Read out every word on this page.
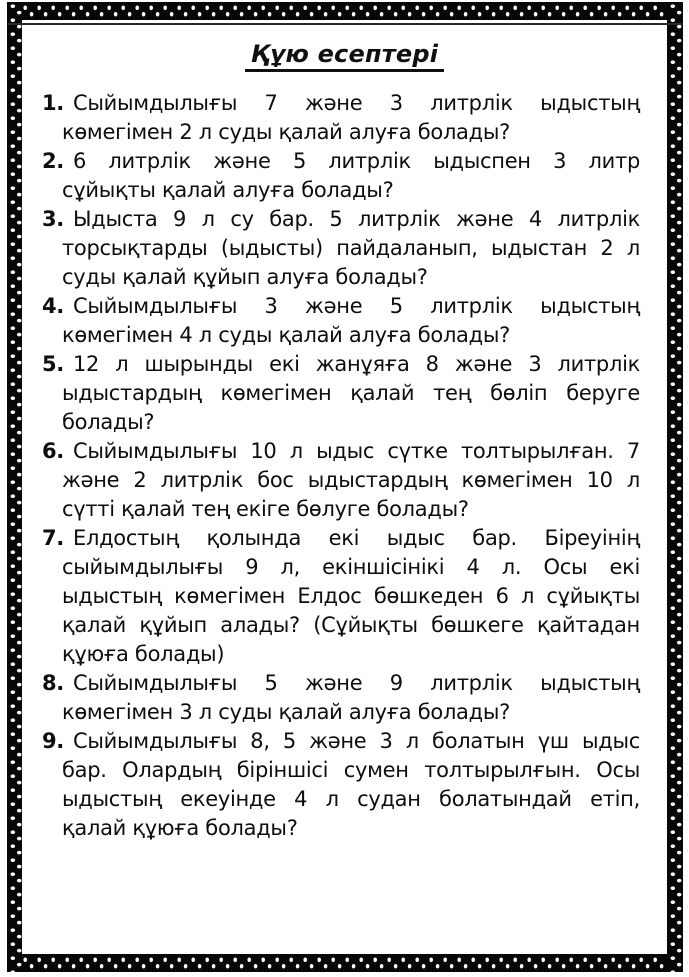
Құю есептері
1. Сыйымдылығы 7 және 3 литрлік ыдыстың
көмегімен 2 л суды қалай алуға болады?
2. 6 литрлік және 5 литрлік ыдыспен 3 литр
сұйықты қалай алуға болады?
3. Ыдыста 9 л су бар. 5 литрлік және 4 литрлік
торсықтарды (ыдысты) пайдаланып, ыдыстан 2 л
суды қалай құйып алуға болады?
4. Сыйымдылығы 3 және 5 литрлік ыдыстың
көмегімен 4 л суды қалай алуға болады?
5. 12 л шырынды екі жанұяға 8 және 3 литрлік
ыдыстардың көмегімен қалай тең бөліп беруге
болады?
6. Сыйымдылығы 10 л ыдыс сүтке толтырылған. 7
және 2 литрлік бос ыдыстардың көмегімен 10 л
сүтті қалай тең екіге бөлуге болады?
7. Елдостың қолында екі ыдыс бар. Біреуінің
сыйымдылығы 9 л, екіншісінікі 4 л. Осы екі
ыдыстың көмегімен Елдос бөшкеден 6 л сұйықты
қалай құйып алады? (Сұйықты бөшкеге қайтадан
құюға болады)
8. Сыйымдылығы 5 және 9 литрлік ыдыстың
көмегімен 3 л суды қалай алуға болады?
9. Сыйымдылығы 8, 5 және 3 л болатын үш ыдыс
бар. Олардың біріншісі сумен толтырылғын. Осы
ыдыстың екеуінде 4 л судан болатындай етіп,
қалай құюға болады?
